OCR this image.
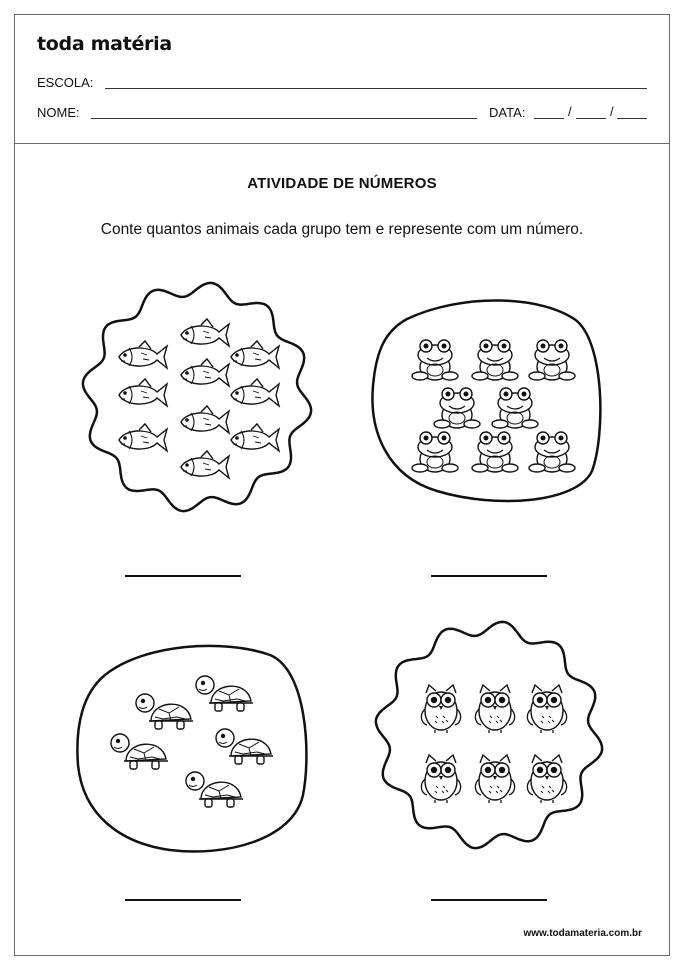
toda matéria
ESCOLA:
NOME:	DATA:	/	/
ATIVIDADE DE NÚMEROS
Conte quantos animais cada grupo tem e represente com um número.
www.todamateria.com.br
